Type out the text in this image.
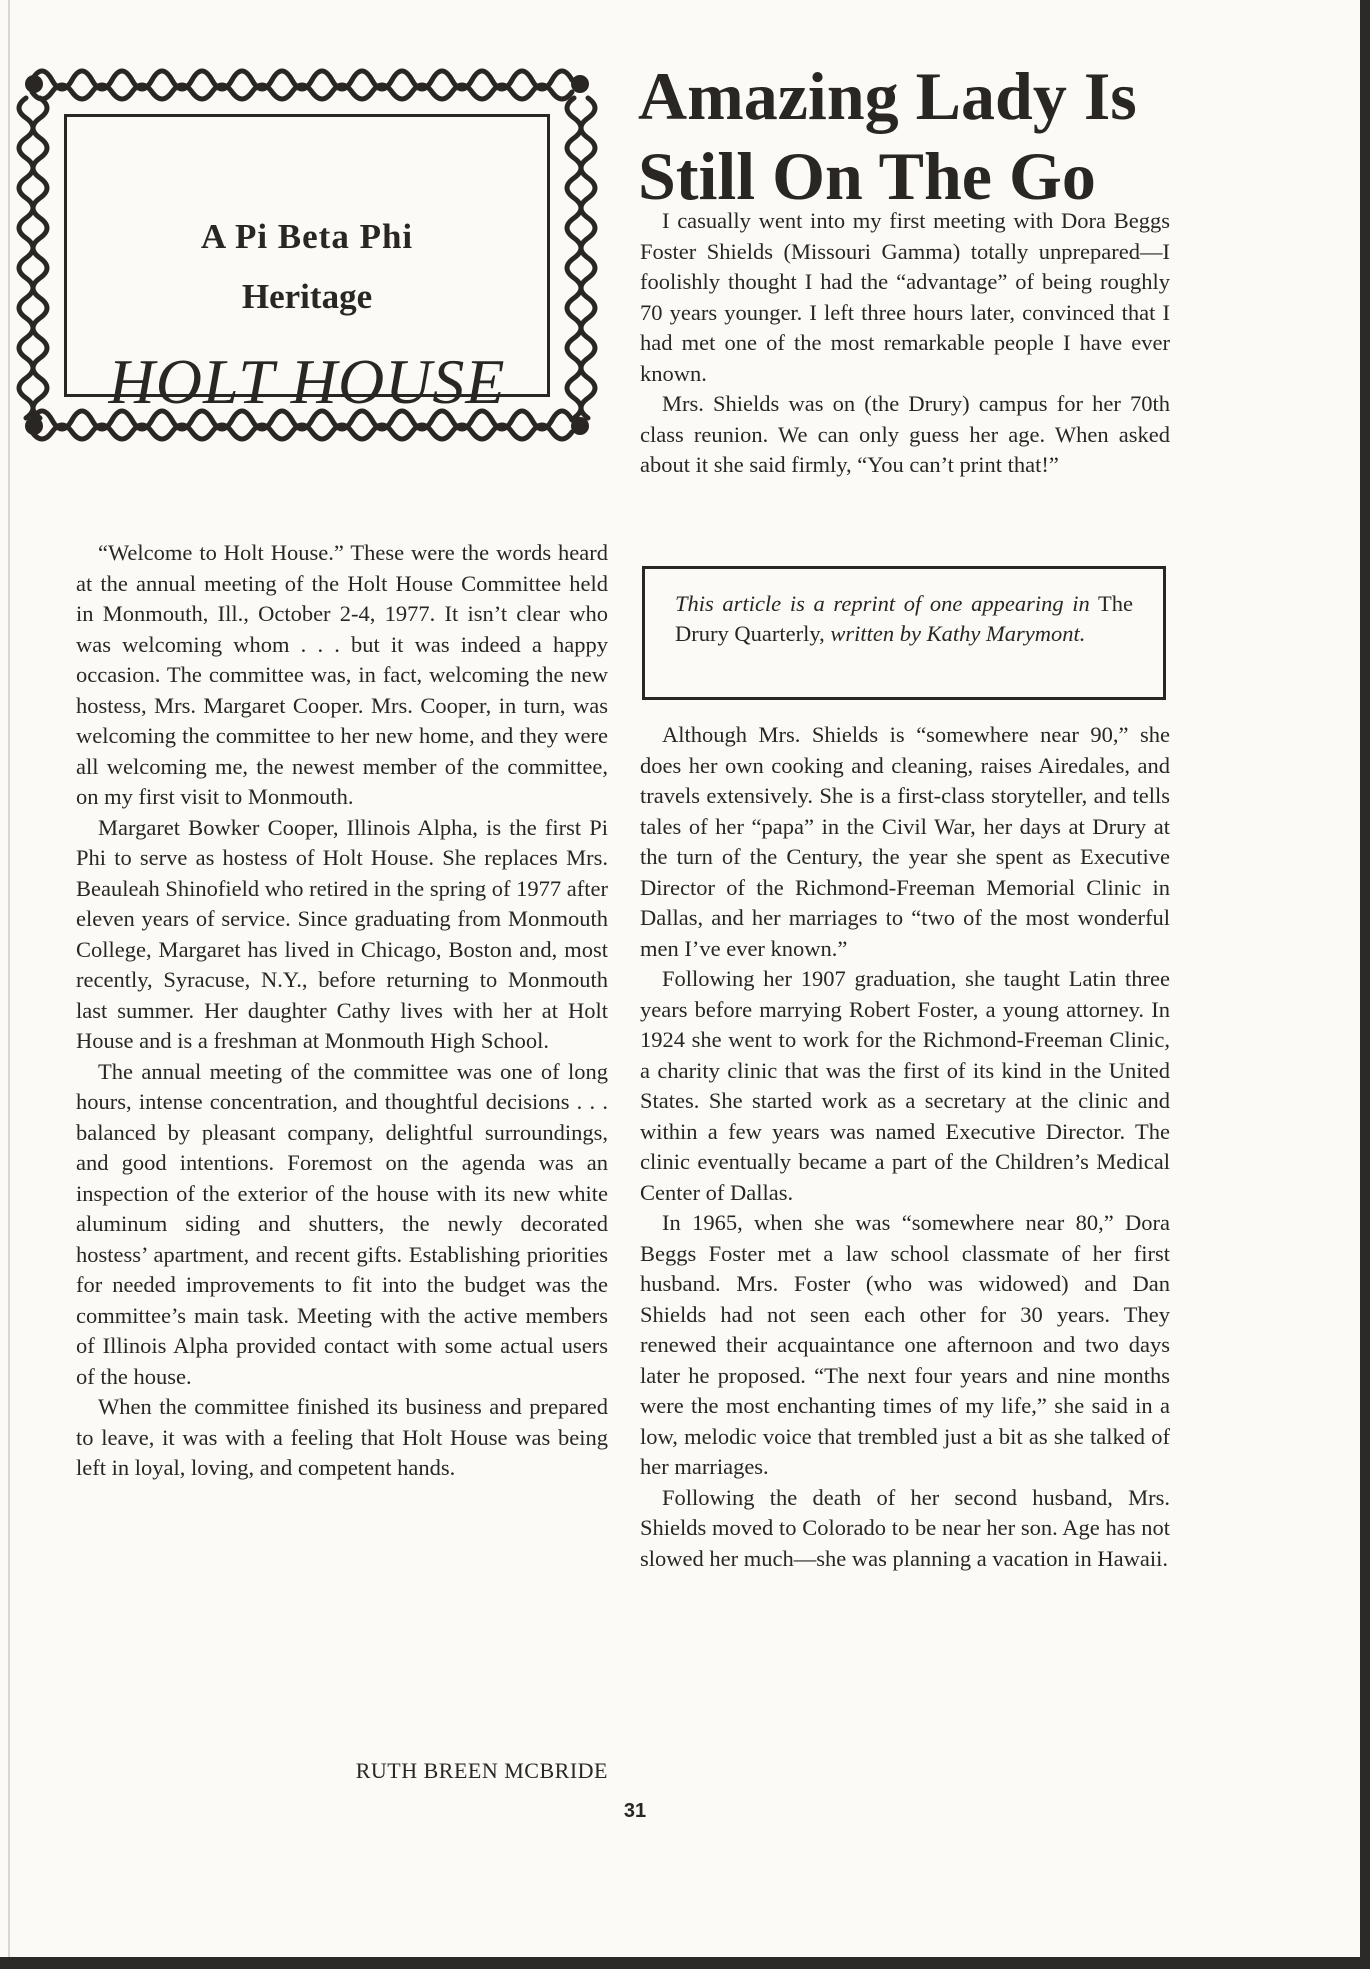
A Pi Beta Phi
Heritage
HOLT HOUSE

“Welcome to Holt House.” These were the words heard at the annual meeting of the Holt House Committee held in Monmouth, Ill., October 2-4, 1977. It isn’t clear who was welcoming whom . . . but it was indeed a happy occasion. The committee was, in fact, welcoming the new hostess, Mrs. Margaret Cooper. Mrs. Cooper, in turn, was welcoming the committee to her new home, and they were all welcoming me, the newest member of the committee, on my first visit to Monmouth.

Margaret Bowker Cooper, Illinois Alpha, is the first Pi Phi to serve as hostess of Holt House. She replaces Mrs. Beauleah Shinofield who retired in the spring of 1977 after eleven years of service. Since graduating from Monmouth College, Margaret has lived in Chicago, Boston and, most recently, Syracuse, N.Y., before returning to Monmouth last summer. Her daughter Cathy lives with her at Holt House and is a freshman at Monmouth High School.

The annual meeting of the committee was one of long hours, intense concentration, and thoughtful decisions . . . balanced by pleasant company, delightful surroundings, and good intentions. Foremost on the agenda was an inspection of the exterior of the house with its new white aluminum siding and shutters, the newly decorated hostess’ apartment, and recent gifts. Establishing priorities for needed improvements to fit into the budget was the committee’s main task. Meeting with the active members of Illinois Alpha provided contact with some actual users of the house.

When the committee finished its business and prepared to leave, it was with a feeling that Holt House was being left in loyal, loving, and competent hands.

RUTH BREEN MCBRIDE
Amazing Lady Is
Still On The Go

I casually went into my first meeting with Dora Beggs Foster Shields (Missouri Gamma) totally unprepared—I foolishly thought I had the “advantage” of being roughly 70 years younger. I left three hours later, convinced that I had met one of the most remarkable people I have ever known.

Mrs. Shields was on (the Drury) campus for her 70th class reunion. We can only guess her age. When asked about it she said firmly, “You can’t print that!”

This article is a reprint of one appearing in The Drury Quarterly, written by Kathy Marymont.

Although Mrs. Shields is “somewhere near 90,” she does her own cooking and cleaning, raises Airedales, and travels extensively. She is a first-class storyteller, and tells tales of her “papa” in the Civil War, her days at Drury at the turn of the Century, the year she spent as Executive Director of the Richmond-Freeman Memorial Clinic in Dallas, and her marriages to “two of the most wonderful men I’ve ever known.”

Following her 1907 graduation, she taught Latin three years before marrying Robert Foster, a young attorney. In 1924 she went to work for the Richmond-Freeman Clinic, a charity clinic that was the first of its kind in the United States. She started work as a secretary at the clinic and within a few years was named Executive Director. The clinic eventually became a part of the Children’s Medical Center of Dallas.

In 1965, when she was “somewhere near 80,” Dora Beggs Foster met a law school classmate of her first husband. Mrs. Foster (who was widowed) and Dan Shields had not seen each other for 30 years. They renewed their acquaintance one afternoon and two days later he proposed. “The next four years and nine months were the most enchanting times of my life,” she said in a low, melodic voice that trembled just a bit as she talked of her marriages.

Following the death of her second husband, Mrs. Shields moved to Colorado to be near her son. Age has not slowed her much—she was planning a vacation in Hawaii.

31
